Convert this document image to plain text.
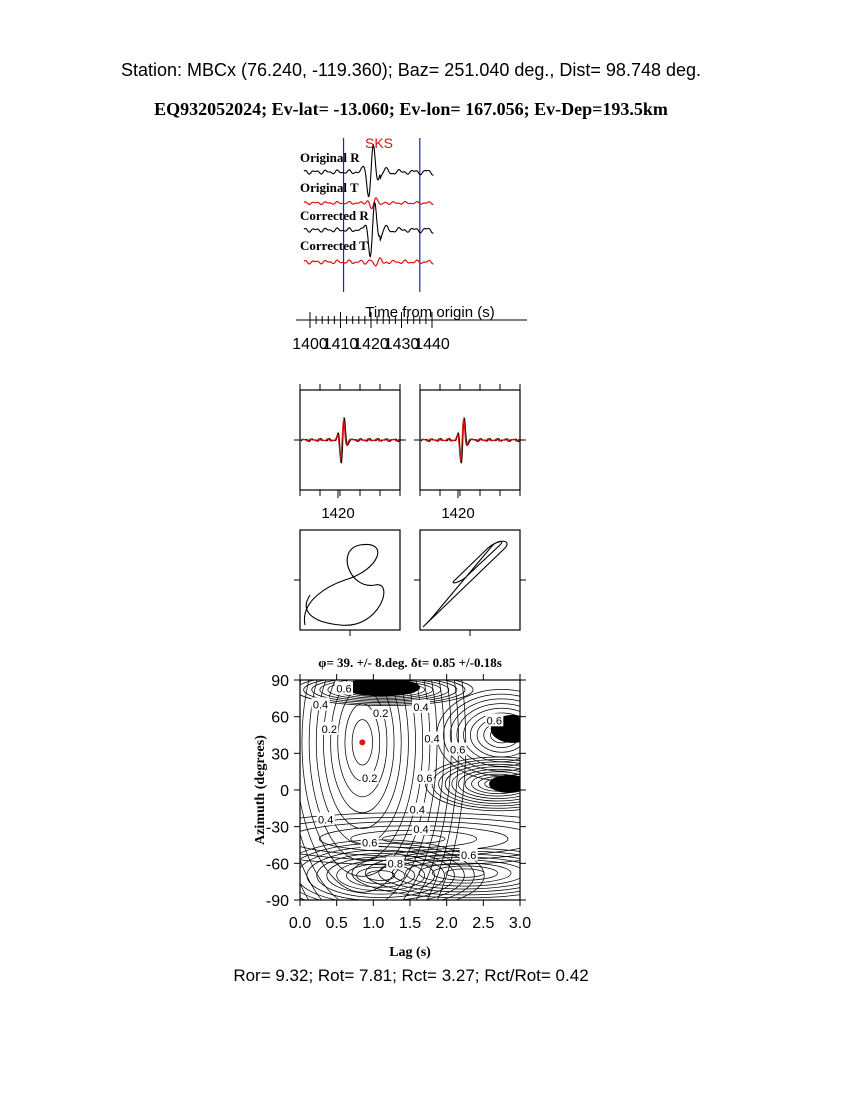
Station: MBCx (76.240, -119.360); Baz= 251.040 deg., Dist= 98.748 deg.
EQ932052024; Ev-lat= -13.060; Ev-lon= 167.056; Ev-Dep=193.5km
Original R
Original T
Corrected R
Corrected T
SKS
Time from origin (s)
1400
1410
1420
1430
1440
1420	1420
φ= 39. +/- 8.deg. δt= 0.85 +/-0.18s
0.6
0.4
0.2
0.4
0.6
0.2
0.4
0.6
0.2	0.6
0.4
0.4
0.4
0.6
0.8
0.6
0.0 0.5 1.0 1.5 2.0 2.5 3.0
90
60
30
0
-30
-60
-90
Lag (s)
Azimuth (degrees)
Ror= 9.32; Rot= 7.81; Rct= 3.27; Rct/Rot= 0.42
